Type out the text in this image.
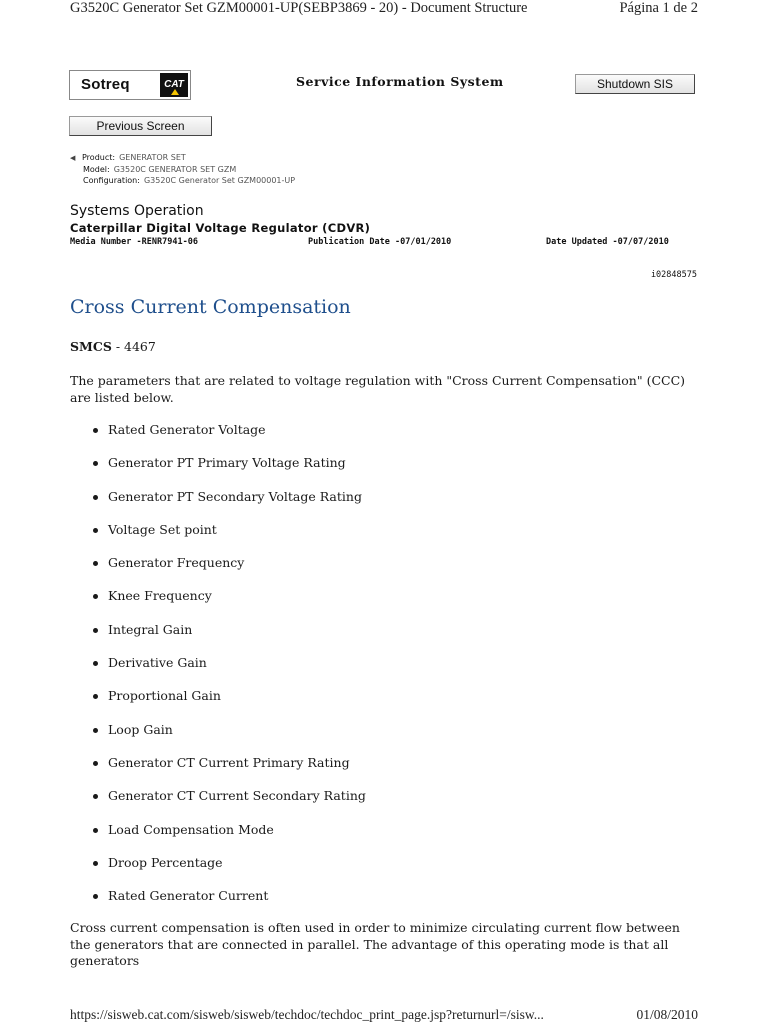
G3520C Generator Set GZM00001-UP(SEBP3869 - 20) - Document Structure	Página 1 de 2
Sotreq	CAT	Service Information System	Shutdown SIS
Previous Screen
◀ Product: GENERATOR SET
Model: G3520C GENERATOR SET GZM
Configuration: G3520C Generator Set GZM00001-UP
Systems Operation
Caterpillar Digital Voltage Regulator (CDVR)
Media Number -RENR7941-06	Publication Date -07/01/2010	Date Updated -07/07/2010
i02848575
Cross Current Compensation
SMCS - 4467
The parameters that are related to voltage regulation with "Cross Current Compensation" (CCC) are listed below.
Rated Generator Voltage
Generator PT Primary Voltage Rating
Generator PT Secondary Voltage Rating
Voltage Set point
Generator Frequency
Knee Frequency
Integral Gain
Derivative Gain
Proportional Gain
Loop Gain
Generator CT Current Primary Rating
Generator CT Current Secondary Rating
Load Compensation Mode
Droop Percentage
Rated Generator Current
Cross current compensation is often used in order to minimize circulating current flow between the generators that are connected in parallel. The advantage of this operating mode is that all generators
https://sisweb.cat.com/sisweb/sisweb/techdoc/techdoc_print_page.jsp?returnurl=/sisw...	01/08/2010
